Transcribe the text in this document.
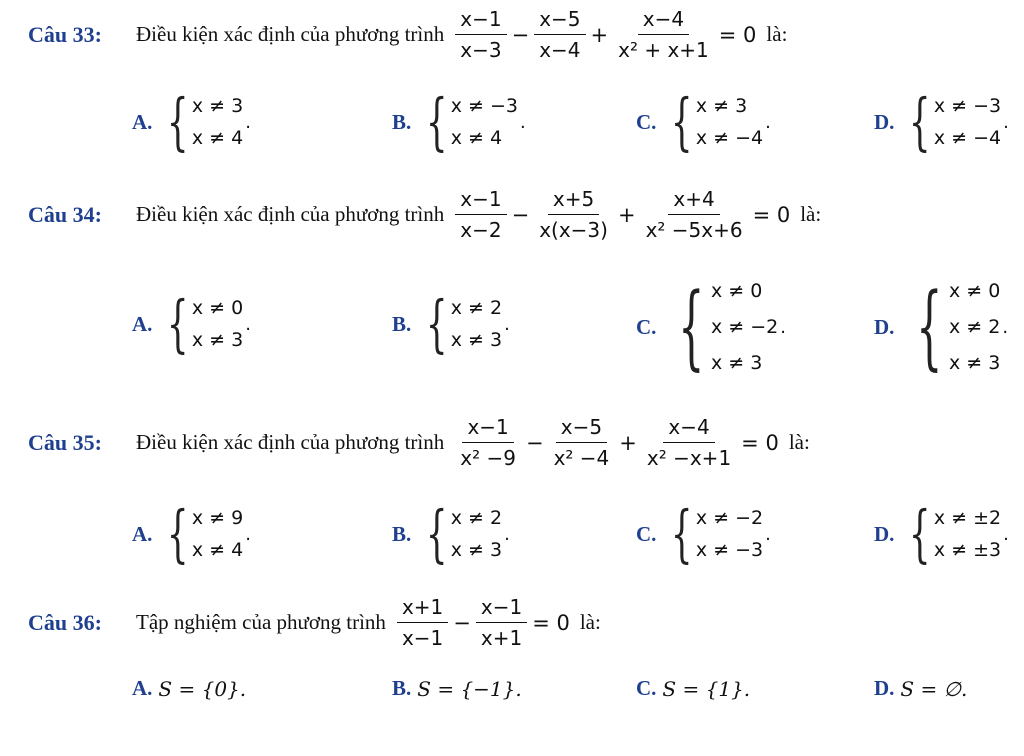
Câu 33:	Điều kiện xác định của phương trình $\frac{x-1}{x-3} - \frac{x-5}{x-4} + \frac{x-4}{\text{x² + x+1}} = 0$ là:
A. { x ≠ 3
x ≠ 4
.	B. { x ≠ −3
x ≠ 4
.	C. { x ≠ 3
x ≠ −4
.	D. { x ≠ −3
x ≠ −4
.
Câu 34:	Điều kiện xác định của phương trình $\frac{x-1}{x-2} - \frac{x+5}{x(x-3)} + \frac{x+4}{\text{x² −5x+6}} = 0$ là:
A. { x ≠ 0
x ≠ 3
.	B. { x ≠ 2
x ≠ 3
.	C. { x ≠ 0
x ≠ −2
x ≠ 3
.	D. { x ≠ 0
x ≠ 2
x ≠ 3
.
Câu 35:	Điều kiện xác định của phương trình $\frac{x-1}{\text{x² −9}} - \frac{x-5}{\text{x² −4}} + \frac{x-4}{\text{x² −x+1}} = 0$ là:
A. { x ≠ 9
x ≠ 4
.	B. { x ≠ 2
x ≠ 3
.	C. { x ≠ −2
x ≠ −3
.	D. { x ≠ ±2
x ≠ ±3
.
Câu 36:	Tập nghiệm của phương trình $\frac{x+1}{x-1} - \frac{x-1}{x+1} = 0$ là:
A. S = {0}.	B. S = {−1}.	C. S = {1}.	D. S = ∅.
